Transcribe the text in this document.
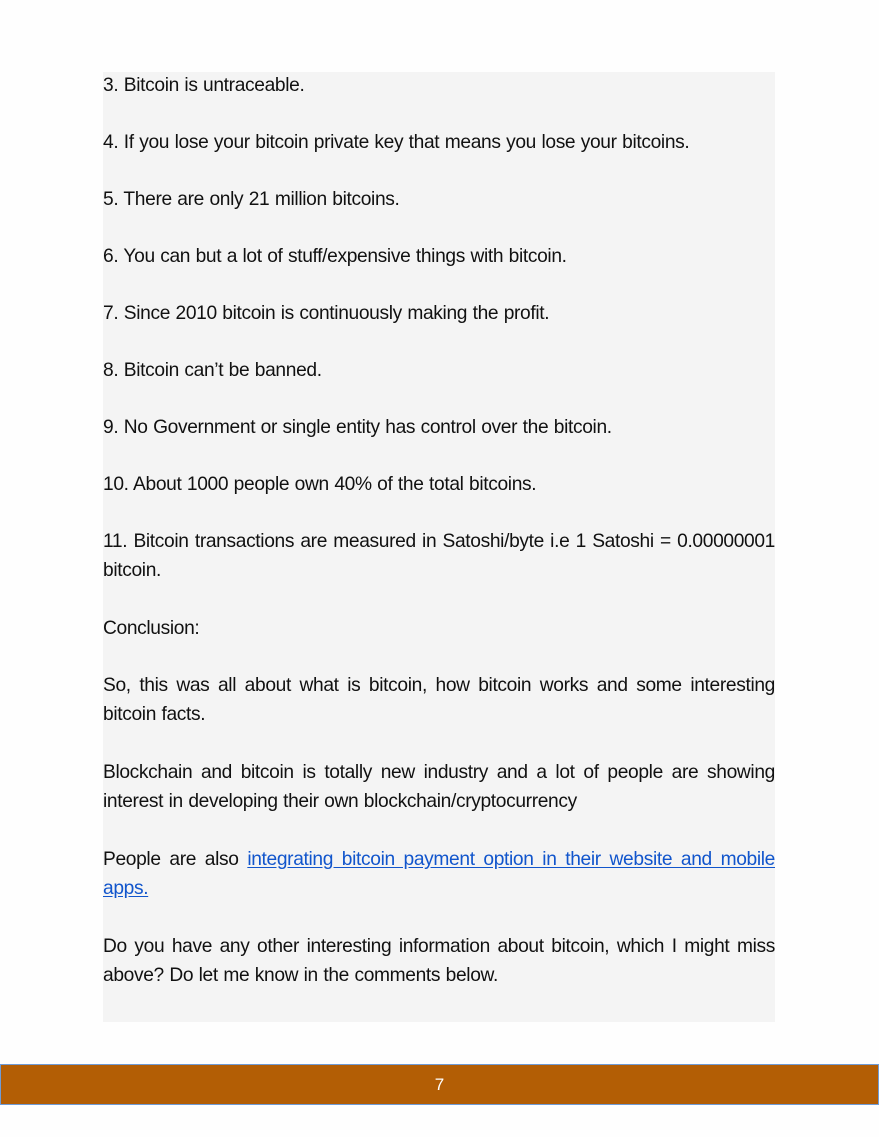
3. Bitcoin is untraceable.

4. If you lose your bitcoin private key that means you lose your bitcoins.

5. There are only 21 million bitcoins.

6. You can but a lot of stuff/expensive things with bitcoin.

7. Since 2010 bitcoin is continuously making the profit.

8. Bitcoin can’t be banned.

9. No Government or single entity has control over the bitcoin.

10. About 1000 people own 40% of the total bitcoins.

11. Bitcoin transactions are measured in Satoshi/byte i.e 1 Satoshi = 0.00000001 bitcoin.

Conclusion:

So, this was all about what is bitcoin, how bitcoin works and some interesting bitcoin facts.

Blockchain and bitcoin is totally new industry and a lot of people are showing interest in developing their own blockchain/cryptocurrency

People are also integrating bitcoin payment option in their website and mobile apps.

Do you have any other interesting information about bitcoin, which I might miss above? Do let me know in the comments below.

7
